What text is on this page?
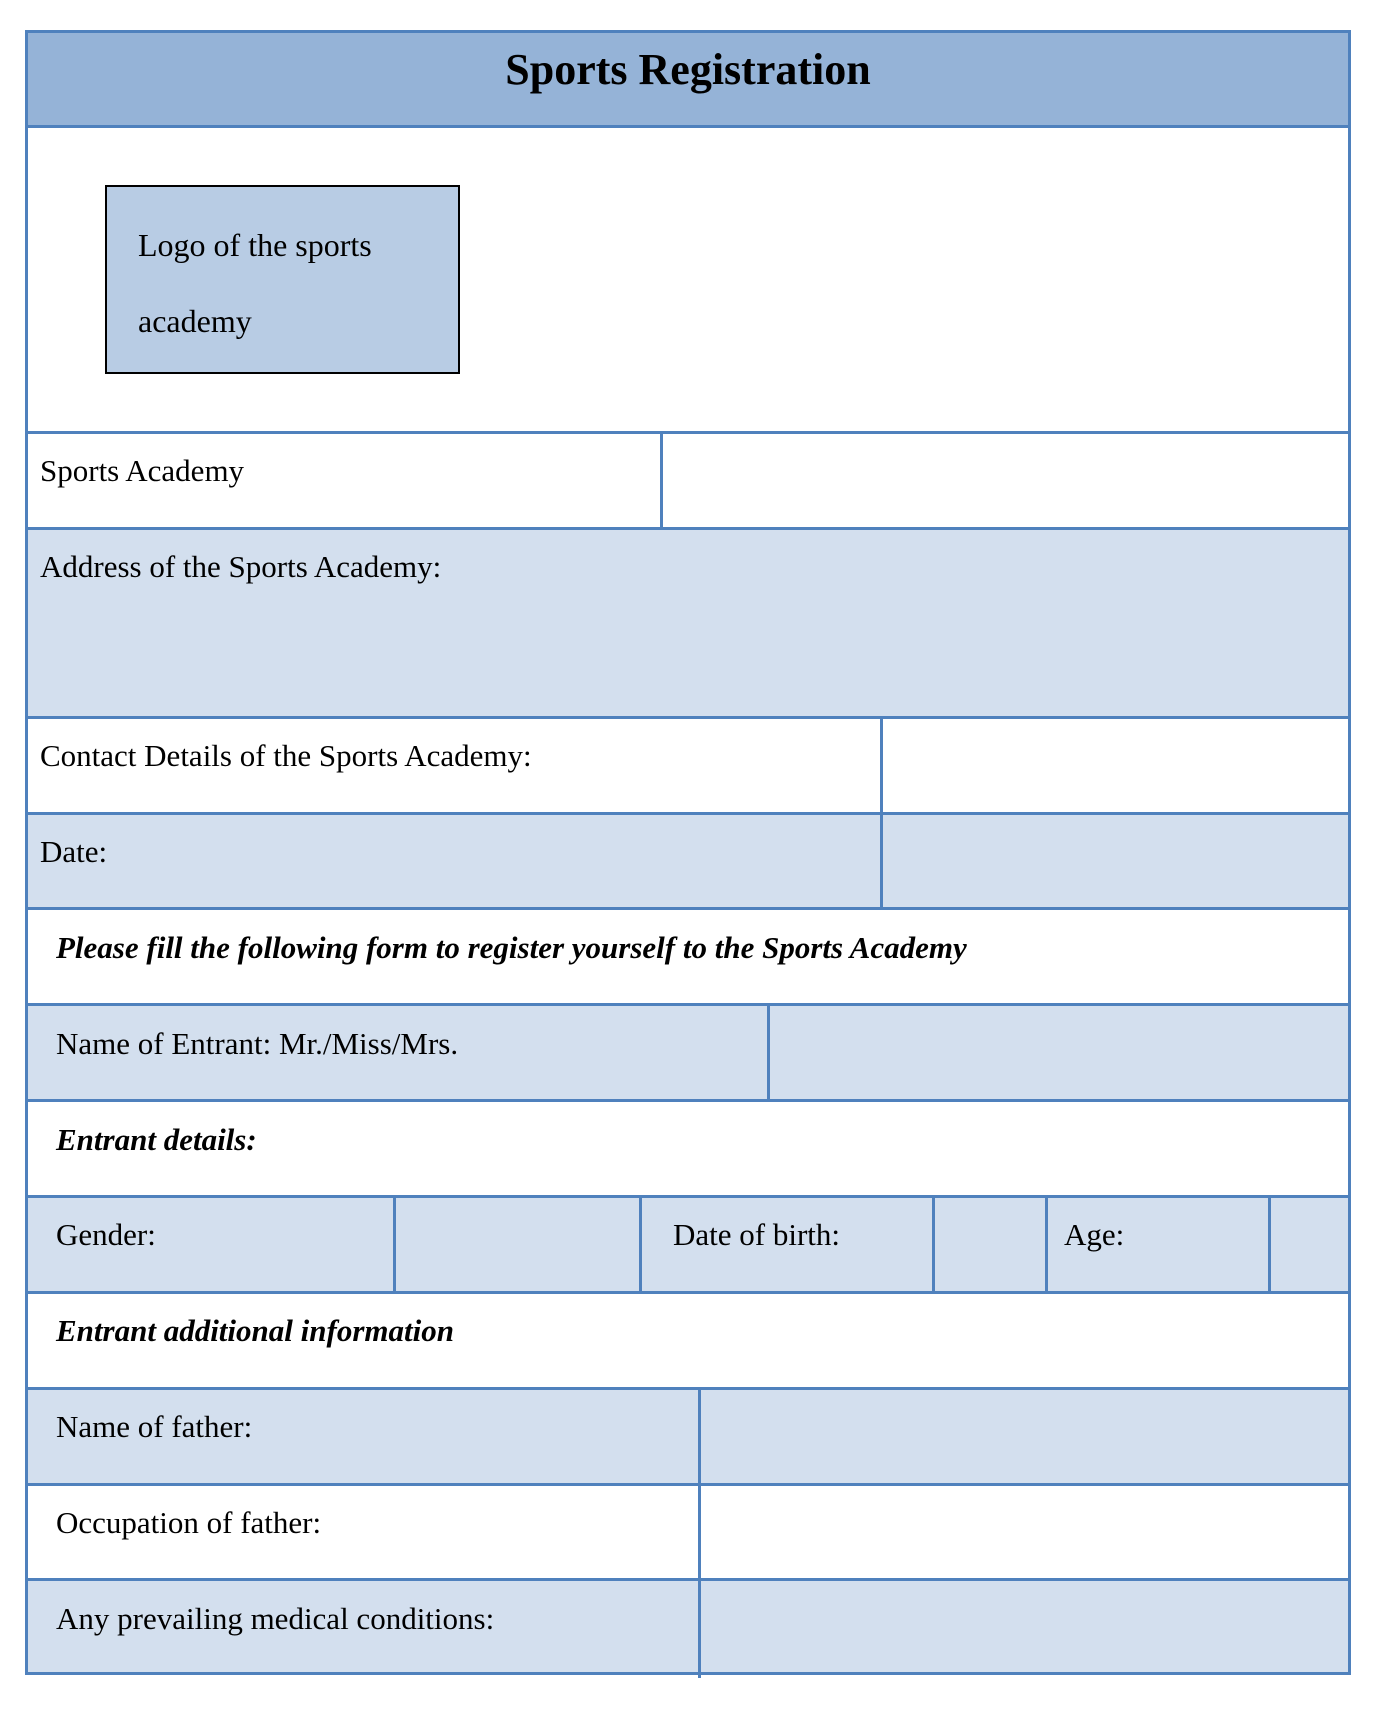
Sports Registration
Logo of the sports academy
Sports Academy
Address of the Sports Academy:
Contact Details of the Sports Academy:
Date:
Please fill the following form to register yourself to the Sports Academy
Name of Entrant: Mr./Miss/Mrs.
Entrant details:
Gender:	Date of birth:	Age:
Entrant additional information
Name of father:
Occupation of father:
Any prevailing medical conditions:
